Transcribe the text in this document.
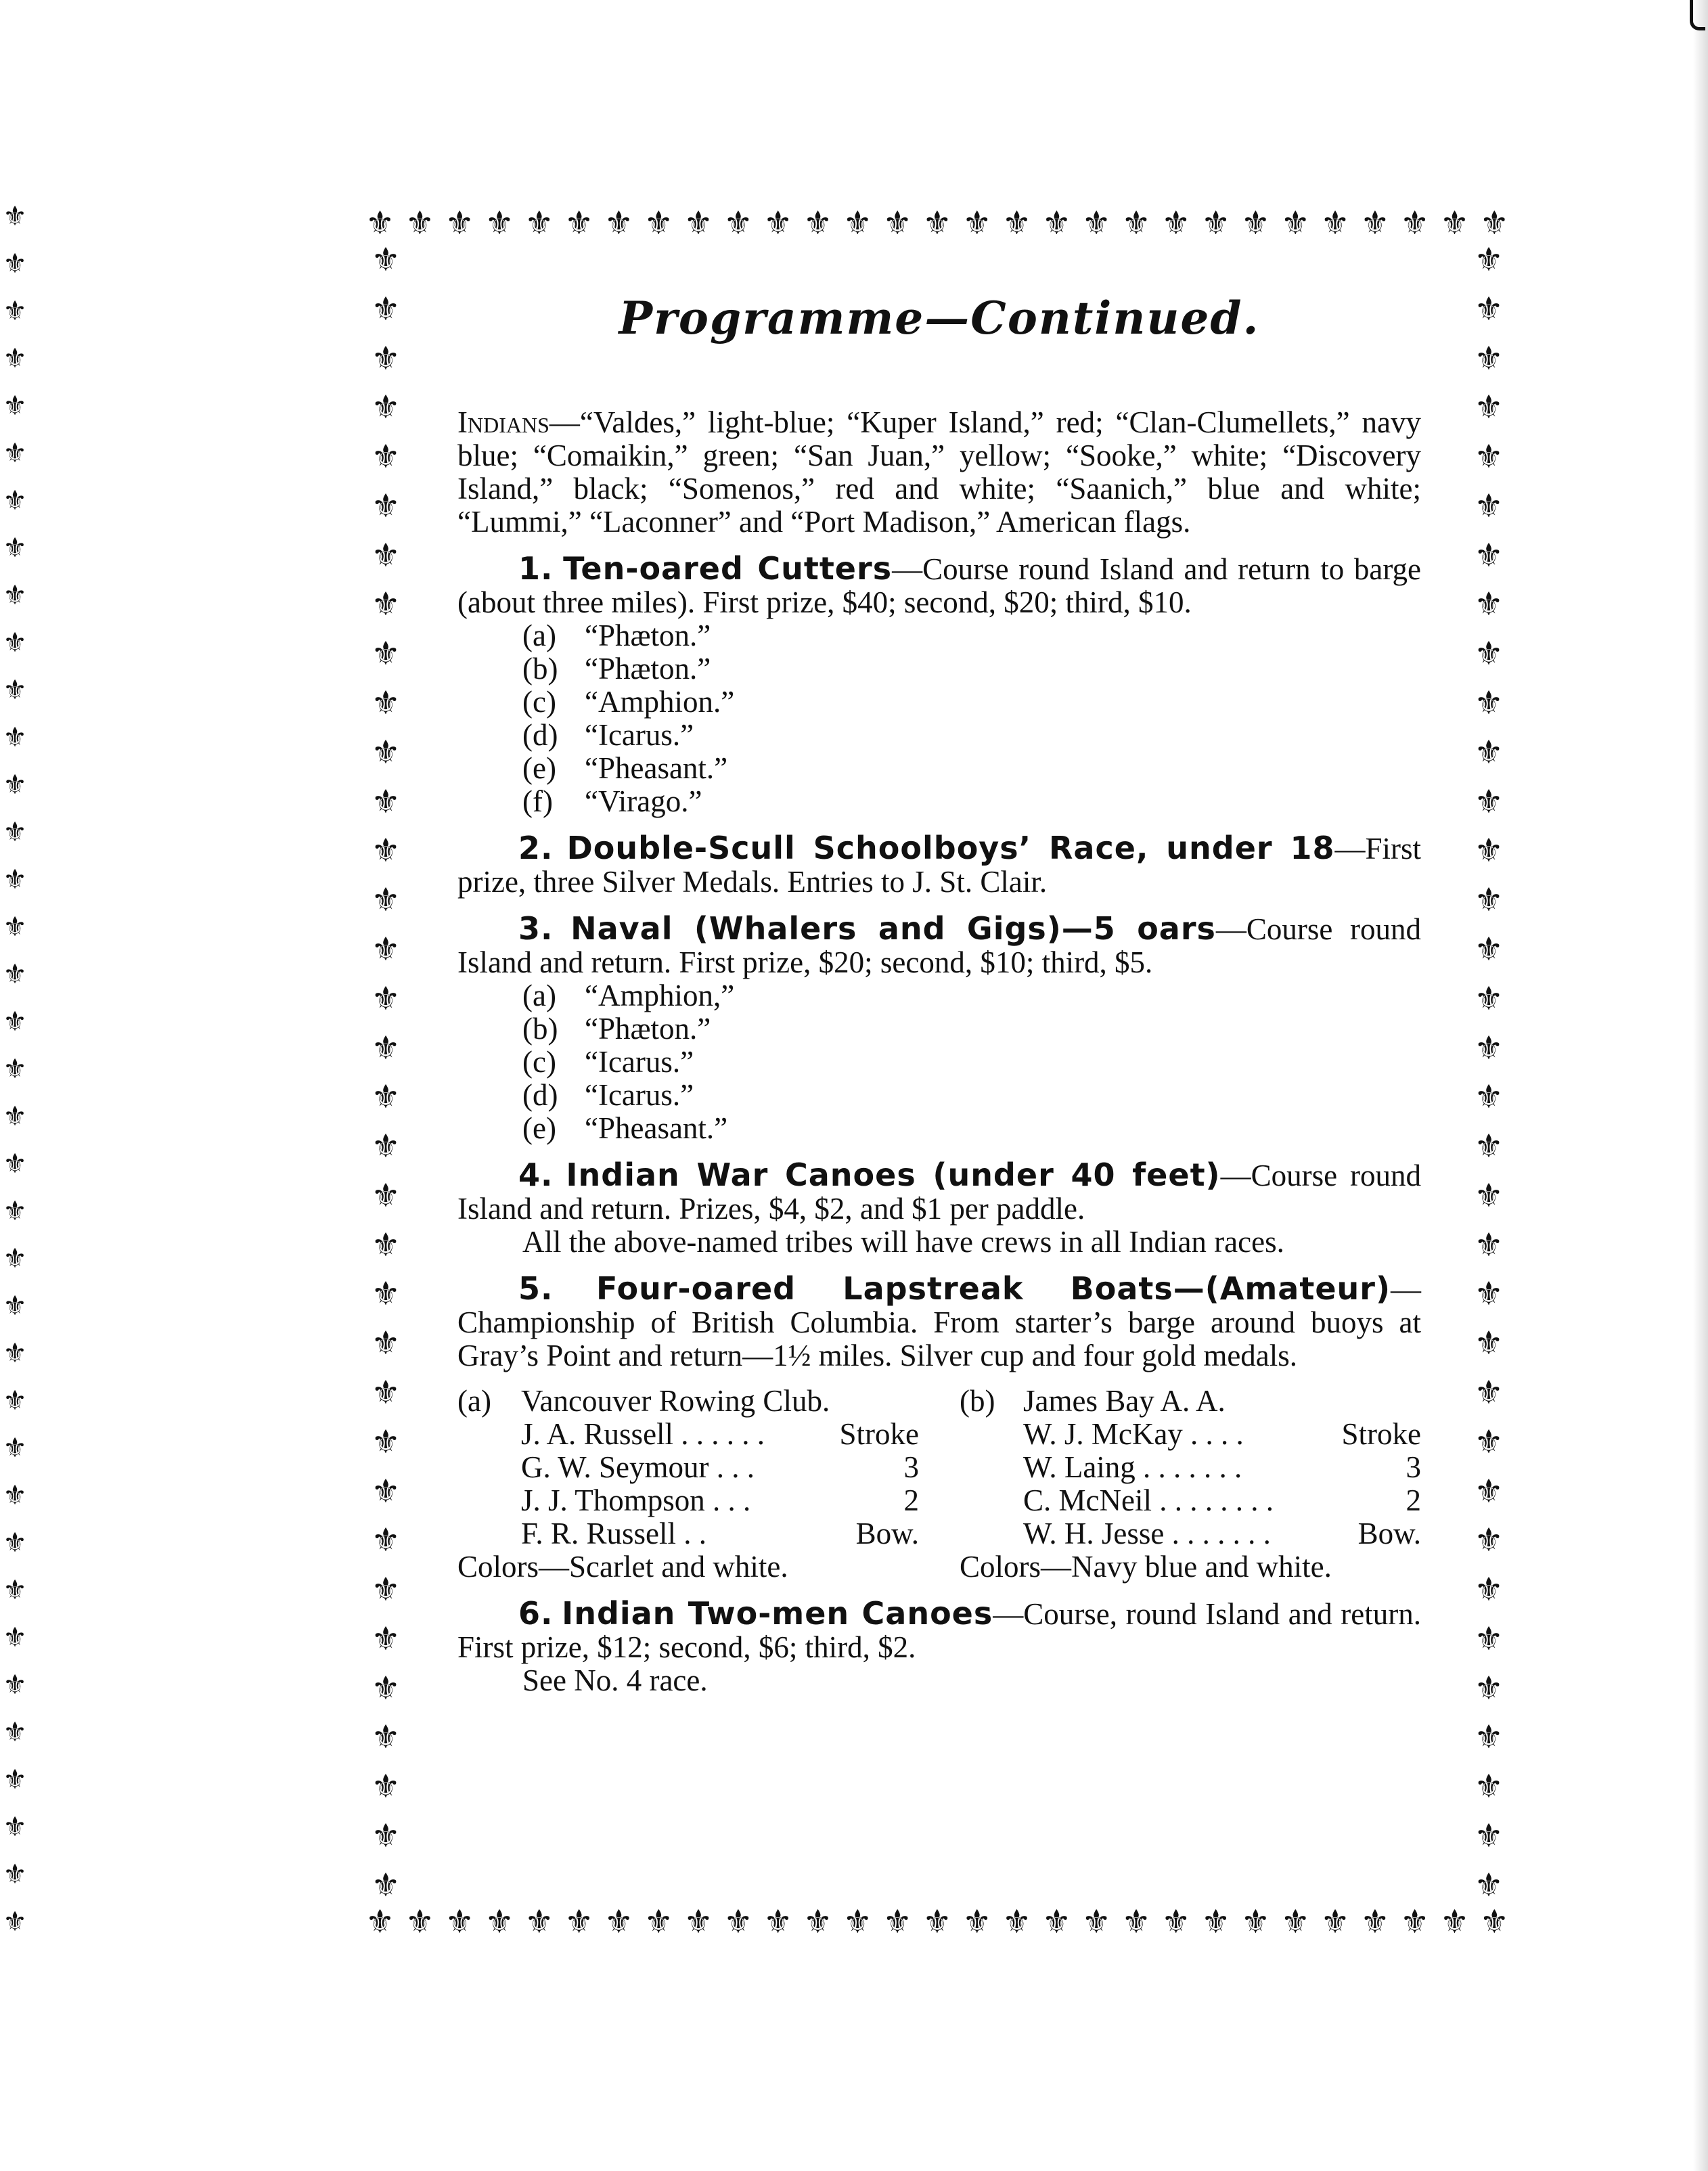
⚜
⚜
⚜
⚜
⚜
⚜
⚜
⚜
⚜
⚜
⚜
⚜
⚜
⚜
⚜
⚜
⚜
⚜
⚜
⚜
⚜
⚜
⚜
⚜
⚜
⚜
⚜
⚜
⚜
⚜
⚜
⚜
⚜
⚜
⚜
⚜
⚜
⚜ ⚜ ⚜ ⚜ ⚜ ⚜ ⚜ ⚜ ⚜ ⚜ ⚜ ⚜ ⚜ ⚜ ⚜ ⚜ ⚜ ⚜ ⚜ ⚜ ⚜ ⚜ ⚜ ⚜ ⚜ ⚜ ⚜ ⚜ ⚜
⚜
⚜
⚜
⚜
⚜
⚜
⚜
⚜
⚜
⚜
⚜
⚜
⚜
⚜
⚜
⚜
⚜
⚜
⚜
⚜
⚜
⚜
⚜
⚜
⚜
⚜
⚜
⚜
⚜
⚜
⚜
⚜
⚜
⚜
⚜
⚜
⚜
⚜
⚜
⚜
⚜
⚜
⚜
⚜
⚜
⚜
⚜
⚜
⚜
⚜
⚜
⚜
⚜
⚜
⚜
⚜
⚜
⚜
⚜
⚜
⚜
⚜
⚜
⚜
⚜
⚜
⚜
⚜
⚜ ⚜ ⚜ ⚜ ⚜ ⚜ ⚜ ⚜ ⚜ ⚜ ⚜ ⚜ ⚜ ⚜ ⚜ ⚜ ⚜ ⚜ ⚜ ⚜ ⚜ ⚜ ⚜ ⚜ ⚜ ⚜ ⚜ ⚜ ⚜
Programme—Continued.

Indians—“Valdes,” light-blue; “Kuper Island,” red; “Clan-Clumellets,” navy blue; “Comaikin,” green; “San Juan,” yellow; “Sooke,” white; “Discovery Island,” black; “Somenos,” red and white; “Saanich,” blue and white; “Lummi,” “Laconner” and “Port Madison,” American flags.

1. Ten-oared Cutters—Course round Island and return to barge (about three miles). First prize, $40; second, $20; third, $10.

(a) “Phæton.”
(b) “Phæton.”
(c) “Amphion.”
(d) “Icarus.”
(e) “Pheasant.”
(f)	“Virago.”

2. Double-Scull Schoolboys’ Race, under 18—First prize, three Silver Medals. Entries to J. St. Clair.

3. Naval (Whalers and Gigs)—5 oars—Course round Island and return. First prize, $20; second, $10; third, $5.

(a) “Amphion,”
(b) “Phæton.”
(c) “Icarus.”
(d) “Icarus.”
(e) “Pheasant.”

4. Indian War Canoes (under 40 feet)—Course round Island and return. Prizes, $4, $2, and $1 per paddle.

All the above-named tribes will have crews in all Indian races.

5. Four-oared Lapstreak Boats—(Amateur)—Championship of British Columbia. From starter’s barge around buoys at Gray’s Point and return—1½ miles. Silver cup and four gold medals.

(a) Vancouver Rowing Club.
J. A. Russell . . . . . .	Stroke
G. W. Seymour . . .	3
J. J. Thompson . . .	2
F. R. Russell . .	Bow.
Colors—Scarlet and white.
(b) James Bay A. A.
W. J. McKay . . . .	Stroke
W. Laing . . . . . . .	3
C. McNeil . . . . . . . .	2
W. H. Jesse . . . . . . .	Bow.
Colors—Navy blue and white.

6. Indian Two-men Canoes—Course, round Island and return. First prize, $12; second, $6; third, $2.

See No. 4 race.
